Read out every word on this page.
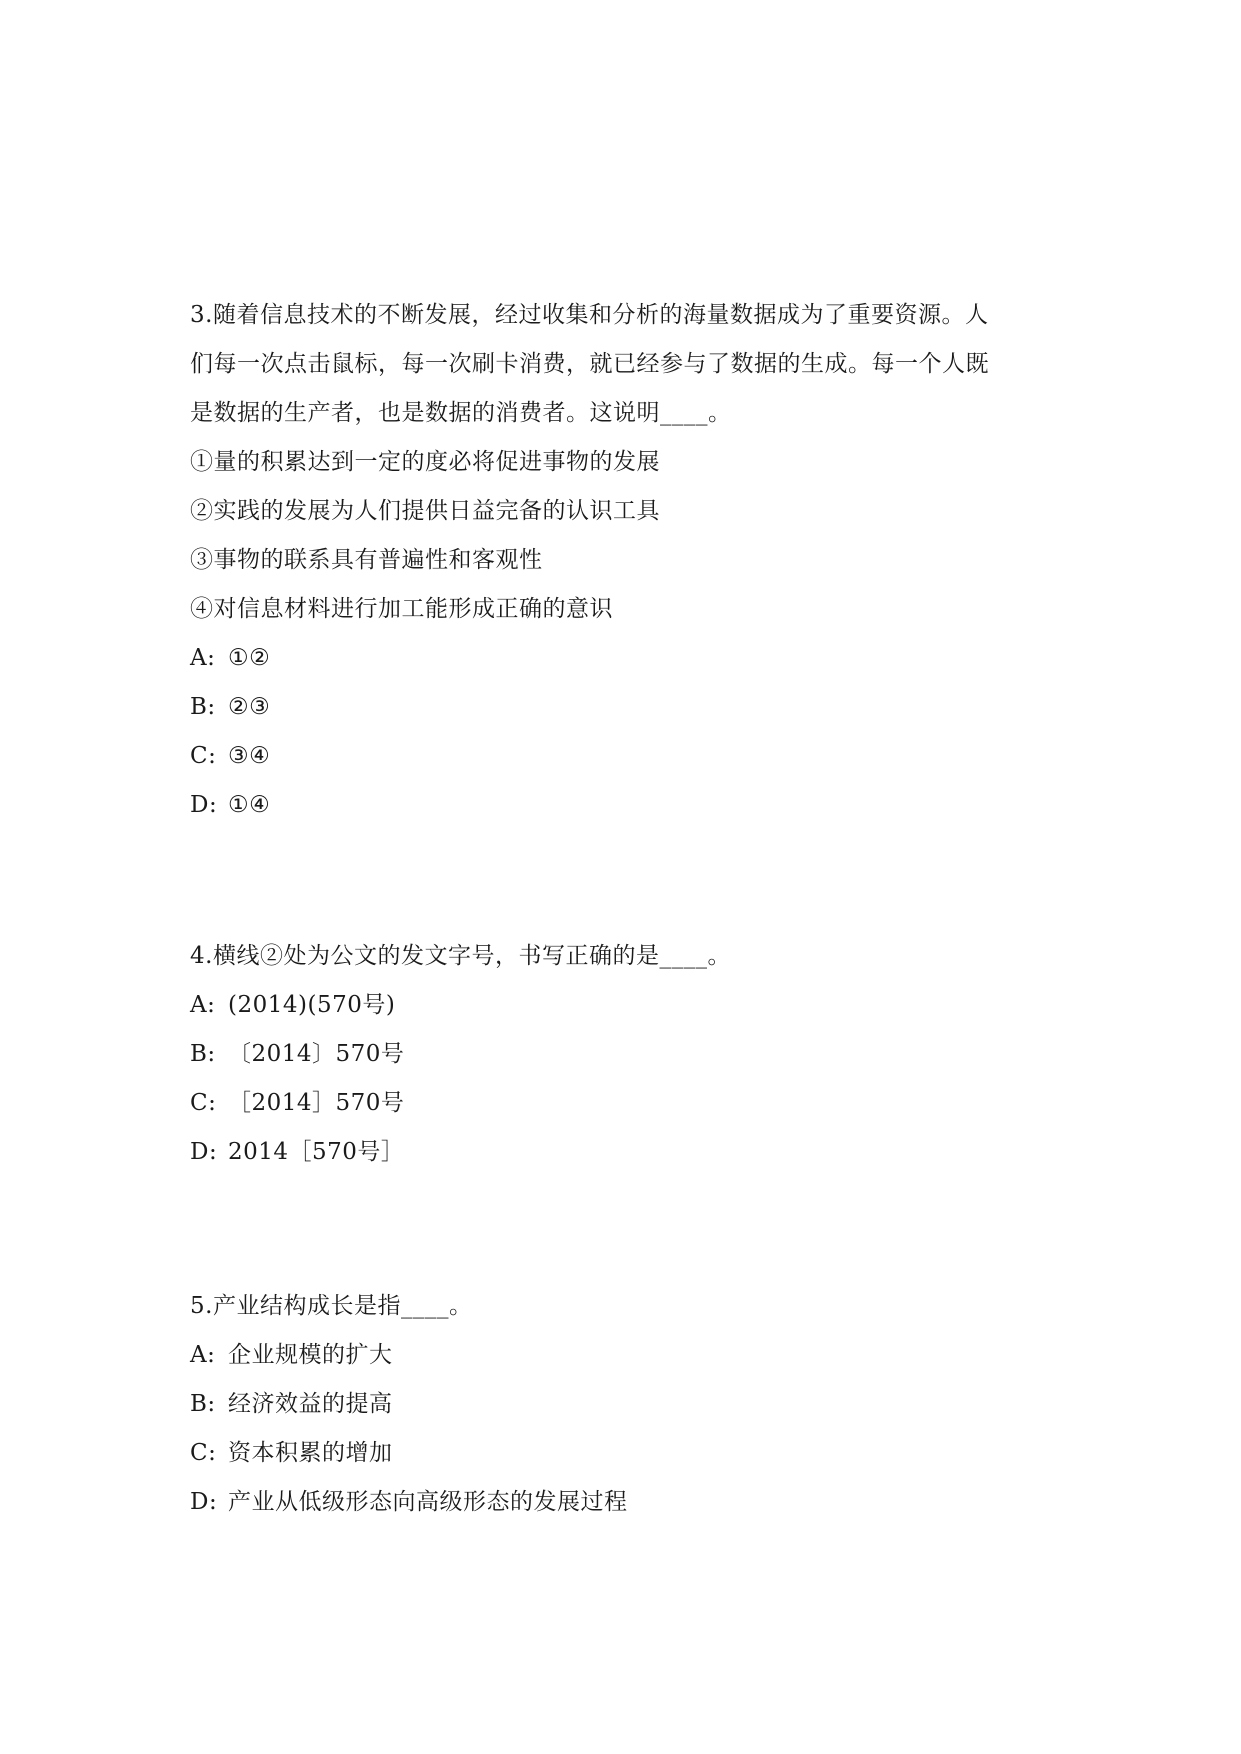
3.随着信息技术的不断发展，经过收集和分析的海量数据成为了重要资源。人
们每一次点击鼠标，每一次刷卡消费，就已经参与了数据的生成。每一个人既
是数据的生产者，也是数据的消费者。这说明____。
①量的积累达到一定的度必将促进事物的发展
②实践的发展为人们提供日益完备的认识工具
③事物的联系具有普遍性和客观性
④对信息材料进行加工能形成正确的意识
A: ①②
B: ②③
C: ③④
D: ①④
4.横线②处为公文的发文字号，书写正确的是____。
A: (2014)(570号)
B: 〔2014〕570号
C: ［2014］570号
D: 2014［570号］
5.产业结构成长是指____。
A: 企业规模的扩大
B: 经济效益的提高
C: 资本积累的增加
D: 产业从低级形态向高级形态的发展过程
